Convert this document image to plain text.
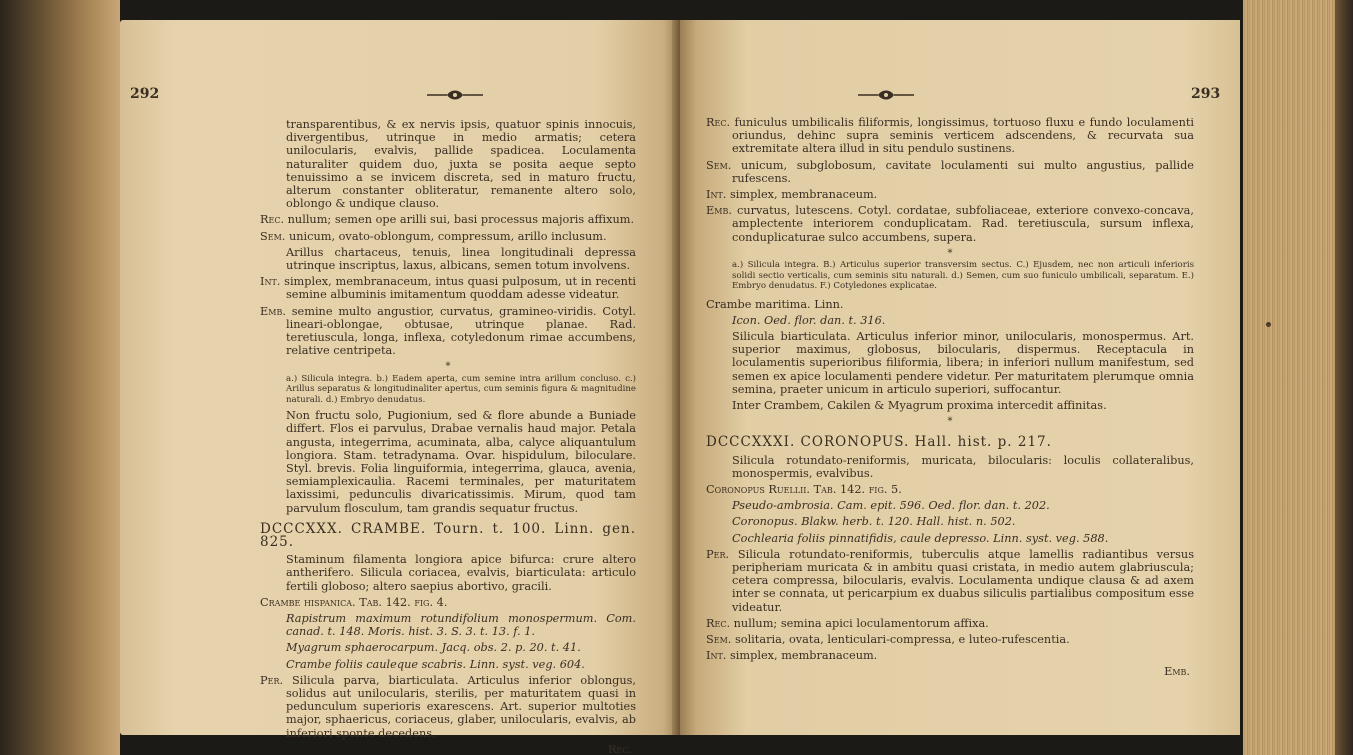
292

transparentibus, & ex nervis ipsis, quatuor spinis innocuis, divergentibus, utrinque in medio armatis; cetera unilocularis, evalvis, pallide spadicea. Loculamenta naturaliter quidem duo, juxta se posita aeque septo tenuissimo a se invicem discreta, sed in maturo fructu, alterum constanter obliteratur, remanente altero solo, oblongo & undique clauso.

Rec. nullum; semen ope arilli sui, basi processus majoris affixum.

Sem. unicum, ovato-oblongum, compressum, arillo inclusum.

Arillus chartaceus, tenuis, linea longitudinali depressa utrinque inscriptus, laxus, albicans, semen totum involvens.

Int. simplex, membranaceum, intus quasi pulposum, ut in recenti semine albuminis imitamentum quoddam adesse videatur.

Emb. semine multo angustior, curvatus, gramineo-viridis. Cotyl. lineari-oblongae, obtusae, utrinque planae. Rad. teretiuscula, longa, inflexa, cotyledonum rimae accumbens, relative centripeta.

*

a.) Silicula integra. b.) Eadem aperta, cum semine intra arillum concluso. c.) Arillus separatus & longitudinaliter apertus, cum seminis figura & magnitudine naturali. d.) Embryo denudatus.

Non fructu solo, Pugionium, sed & flore abunde a Buniade differt. Flos ei parvulus, Drabae vernalis haud major. Petala angusta, integerrima, acuminata, alba, calyce aliquantulum longiora. Stam. tetradynama. Ovar. hispidulum, biloculare. Styl. brevis. Folia linguiformia, integerrima, glauca, avenia, semiamplexicaulia. Racemi terminales, per maturitatem laxissimi, pedunculis divaricatissimis. Mirum, quod tam parvulum flosculum, tam grandis sequatur fructus.

DCCCXXX. CRAMBE. Tourn. t. 100. Linn. gen. 825.

Staminum filamenta longiora apice bifurca: crure altero antherifero. Silicula coriacea, evalvis, biarticulata: articulo fertili globoso; altero saepius abortivo, gracili.

Crambe hispanica. Tab. 142. fig. 4.

Rapistrum maximum rotundifolium monospermum. Com. canad. t. 148. Moris. hist. 3. S. 3. t. 13. f. 1.

Myagrum sphaerocarpum. Jacq. obs. 2. p. 20. t. 41.

Crambe foliis cauleque scabris. Linn. syst. veg. 604.

Per. Silicula parva, biarticulata. Articulus inferior oblongus, solidus aut unilocularis, sterilis, per maturitatem quasi in pedunculum superioris exarescens. Art. superior multoties major, sphaericus, coriaceus, glaber, unilocularis, evalvis, ab inferiori sponte decedens.

Rec.
293

Rec. funiculus umbilicalis filiformis, longissimus, tortuoso fluxu e fundo loculamenti oriundus, dehinc supra seminis verticem adscendens, & recurvata sua extremitate altera illud in situ pendulo sustinens.

Sem. unicum, subglobosum, cavitate loculamenti sui multo angustius, pallide rufescens.

Int. simplex, membranaceum.

Emb. curvatus, lutescens. Cotyl. cordatae, subfoliaceae, exteriore convexo-concava, amplectente interiorem conduplicatam. Rad. teretiuscula, sursum inflexa, conduplicaturae sulco accumbens, supera.

*

a.) Silicula integra. B.) Articulus superior transversim sectus. C.) Ejusdem, nec non articuli inferioris solidi sectio verticalis, cum seminis situ naturali. d.) Semen, cum suo funiculo umbilicali, separatum. E.) Embryo denudatus. F.) Cotyledones explicatae.

Crambe maritima. Linn.

Icon. Oed. flor. dan. t. 316.

Silicula biarticulata. Articulus inferior minor, unilocularis, monospermus. Art. superior maximus, globosus, bilocularis, dispermus. Receptacula in loculamentis superioribus filiformia, libera; in inferiori nullum manifestum, sed semen ex apice loculamenti pendere videtur. Per maturitatem plerumque omnia semina, praeter unicum in articulo superiori, suffocantur.

Inter Crambem, Cakilen & Myagrum proxima intercedit affinitas.

*
DCCCXXXI. CORONOPUS. Hall. hist. p. 217.

Silicula rotundato-reniformis, muricata, bilocularis: loculis collateralibus, monospermis, evalvibus.

Coronopus Ruellii. Tab. 142. fig. 5.

Pseudo-ambrosia. Cam. epit. 596. Oed. flor. dan. t. 202.

Coronopus. Blakw. herb. t. 120. Hall. hist. n. 502.

Cochlearia foliis pinnatifidis, caule depresso. Linn. syst. veg. 588.

Per. Silicula rotundato-reniformis, tuberculis atque lamellis radiantibus versus peripheriam muricata & in ambitu quasi cristata, in medio autem glabriuscula; cetera compressa, bilocularis, evalvis. Loculamenta undique clausa & ad axem inter se connata, ut pericarpium ex duabus siliculis partialibus compositum esse videatur.

Rec. nullum; semina apici loculamentorum affixa.

Sem. solitaria, ovata, lenticulari-compressa, e luteo-rufescentia.

Int. simplex, membranaceum.

Emb.
